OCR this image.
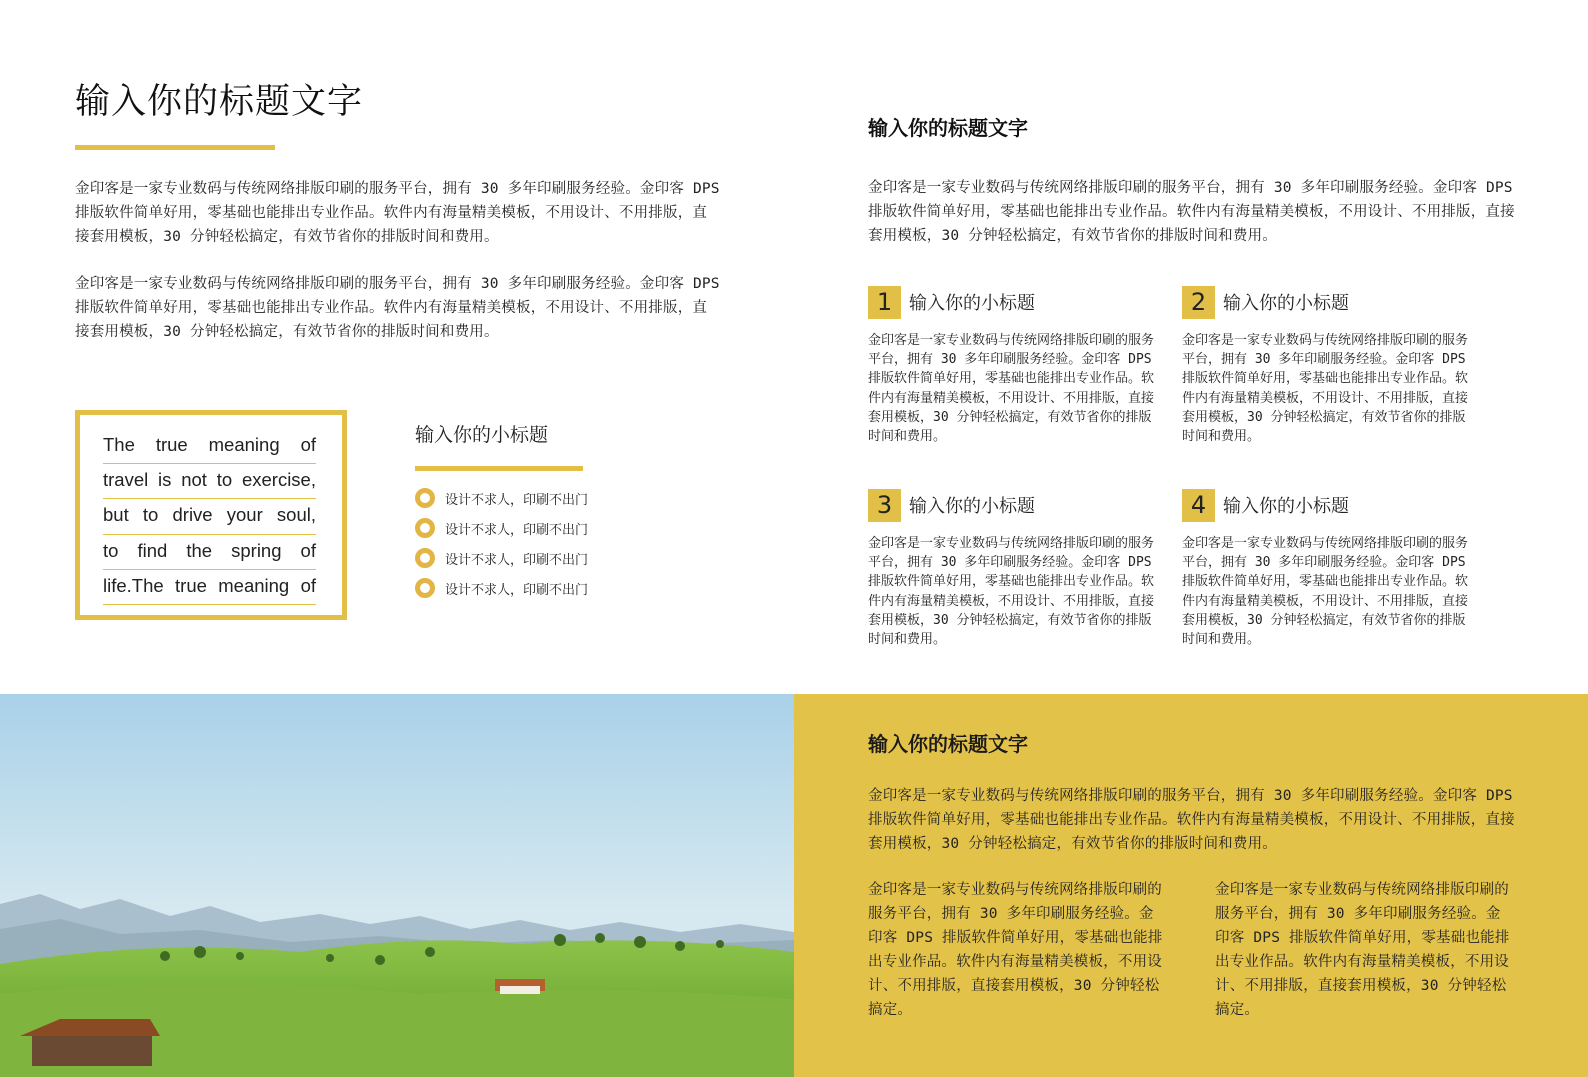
输入你的标题文字
金印客是一家专业数码与传统网络排版印刷的服务平台，拥有 30 多年印刷服务经验。金印客 DPS 排版软件简单好用，零基础也能排出专业作品。软件内有海量精美模板，不用设计、不用排版，直接套用模板，30 分钟轻松搞定，有效节省你的排版时间和费用。
金印客是一家专业数码与传统网络排版印刷的服务平台，拥有 30 多年印刷服务经验。金印客 DPS 排版软件简单好用，零基础也能排出专业作品。软件内有海量精美模板，不用设计、不用排版，直接套用模板，30 分钟轻松搞定，有效节省你的排版时间和费用。
The true meaning of
travel is not to exercise,
but to drive your soul,
to find the spring of
life.The true meaning of
输入你的小标题
设计不求人，印刷不出门
设计不求人，印刷不出门
设计不求人，印刷不出门
设计不求人，印刷不出门
输入你的标题文字
金印客是一家专业数码与传统网络排版印刷的服务平台，拥有 30 多年印刷服务经验。金印客 DPS 排版软件简单好用，零基础也能排出专业作品。软件内有海量精美模板，不用设计、不用排版，直接套用模板，30 分钟轻松搞定，有效节省你的排版时间和费用。
1 输入你的小标题
金印客是一家专业数码与传统网络排版印刷的服务平台，拥有 30 多年印刷服务经验。金印客 DPS 排版软件简单好用，零基础也能排出专业作品。软件内有海量精美模板，不用设计、不用排版，直接套用模板，30 分钟轻松搞定，有效节省你的排版时间和费用。
2 输入你的小标题
金印客是一家专业数码与传统网络排版印刷的服务平台，拥有 30 多年印刷服务经验。金印客 DPS 排版软件简单好用，零基础也能排出专业作品。软件内有海量精美模板，不用设计、不用排版，直接套用模板，30 分钟轻松搞定，有效节省你的排版时间和费用。
3 输入你的小标题
金印客是一家专业数码与传统网络排版印刷的服务平台，拥有 30 多年印刷服务经验。金印客 DPS 排版软件简单好用，零基础也能排出专业作品。软件内有海量精美模板，不用设计、不用排版，直接套用模板，30 分钟轻松搞定，有效节省你的排版时间和费用。
4 输入你的小标题
金印客是一家专业数码与传统网络排版印刷的服务平台，拥有 30 多年印刷服务经验。金印客 DPS 排版软件简单好用，零基础也能排出专业作品。软件内有海量精美模板，不用设计、不用排版，直接套用模板，30 分钟轻松搞定，有效节省你的排版时间和费用。
输入你的标题文字
金印客是一家专业数码与传统网络排版印刷的服务平台，拥有 30 多年印刷服务经验。金印客 DPS 排版软件简单好用，零基础也能排出专业作品。软件内有海量精美模板，不用设计、不用排版，直接套用模板，30 分钟轻松搞定，有效节省你的排版时间和费用。
金印客是一家专业数码与传统网络排版印刷的服务平台，拥有 30 多年印刷服务经验。金印客 DPS 排版软件简单好用，零基础也能排出专业作品。软件内有海量精美模板，不用设计、不用排版，直接套用模板，30 分钟轻松搞定。
金印客是一家专业数码与传统网络排版印刷的服务平台，拥有 30 多年印刷服务经验。金印客 DPS 排版软件简单好用，零基础也能排出专业作品。软件内有海量精美模板，不用设计、不用排版，直接套用模板，30 分钟轻松搞定。
